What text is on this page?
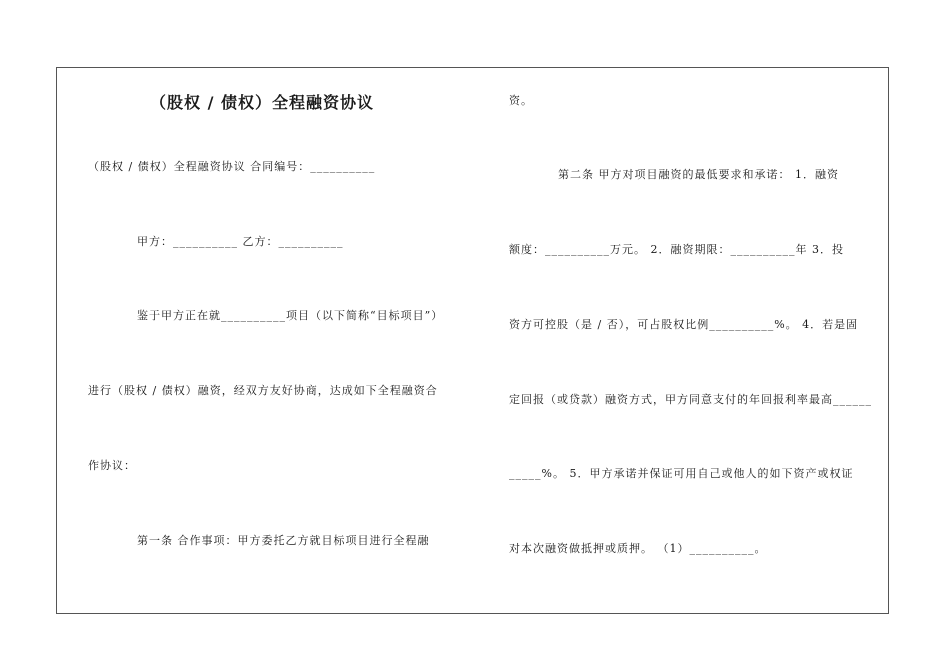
（股权 / 债权）全程融资协议
（股权 / 债权）全程融资协议 合同编号：__________
甲方：__________ 乙方：__________
鉴于甲方正在就__________项目（以下简称“目标项目”）
进行（股权 / 债权）融资，经双方友好协商，达成如下全程融资合
作协议：
第一条 合作事项：甲方委托乙方就目标项目进行全程融
资。
第二条 甲方对项目融资的最低要求和承诺： 1．融资
额度：__________万元。 2．融资期限：__________年 3．投
资方可控股（是 / 否），可占股权比例__________%。 4．若是固
定回报（或贷款）融资方式，甲方同意支付的年回报利率最高______
_____%。 5．甲方承诺并保证可用自己或他人的如下资产或权证
对本次融资做抵押或质押。 （1）__________。
